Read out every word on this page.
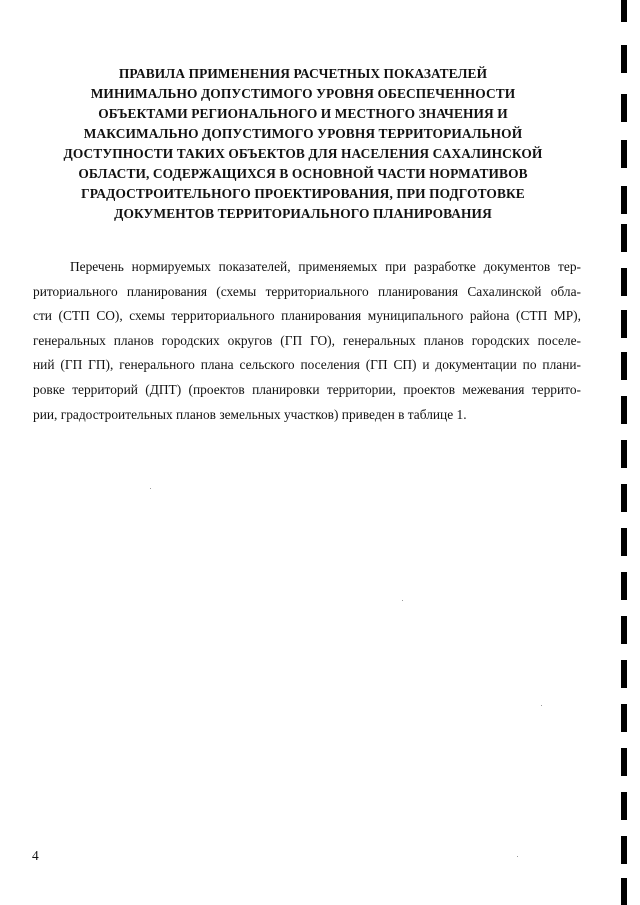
ПРАВИЛА ПРИМЕНЕНИЯ РАСЧЕТНЫХ ПОКАЗАТЕЛЕЙ
МИНИМАЛЬНО ДОПУСТИМОГО УРОВНЯ ОБЕСПЕЧЕННОСТИ
ОБЪЕКТАМИ РЕГИОНАЛЬНОГО И МЕСТНОГО ЗНАЧЕНИЯ И
МАКСИМАЛЬНО ДОПУСТИМОГО УРОВНЯ ТЕРРИТОРИАЛЬНОЙ
ДОСТУПНОСТИ ТАКИХ ОБЪЕКТОВ ДЛЯ НАСЕЛЕНИЯ САХАЛИНСКОЙ
ОБЛАСТИ, СОДЕРЖАЩИХСЯ В ОСНОВНОЙ ЧАСТИ НОРМАТИВОВ
ГРАДОСТРОИТЕЛЬНОГО ПРОЕКТИРОВАНИЯ, ПРИ ПОДГОТОВКЕ
ДОКУМЕНТОВ ТЕРРИТОРИАЛЬНОГО ПЛАНИРОВАНИЯ
Перечень нормируемых показателей, применяемых при разработке документов тер-
риториального планирования (схемы территориального планирования Сахалинской обла-
сти (СТП СО), схемы территориального планирования муниципального района (СТП МР),
генеральных планов городских округов (ГП ГО), генеральных планов городских поселе-
ний (ГП ГП), генерального плана сельского поселения (ГП СП) и документации по плани-
ровке территорий (ДПТ) (проектов планировки территории, проектов межевания террито-
рии, градостроительных планов земельных участков) приведен в таблице 1.
4
